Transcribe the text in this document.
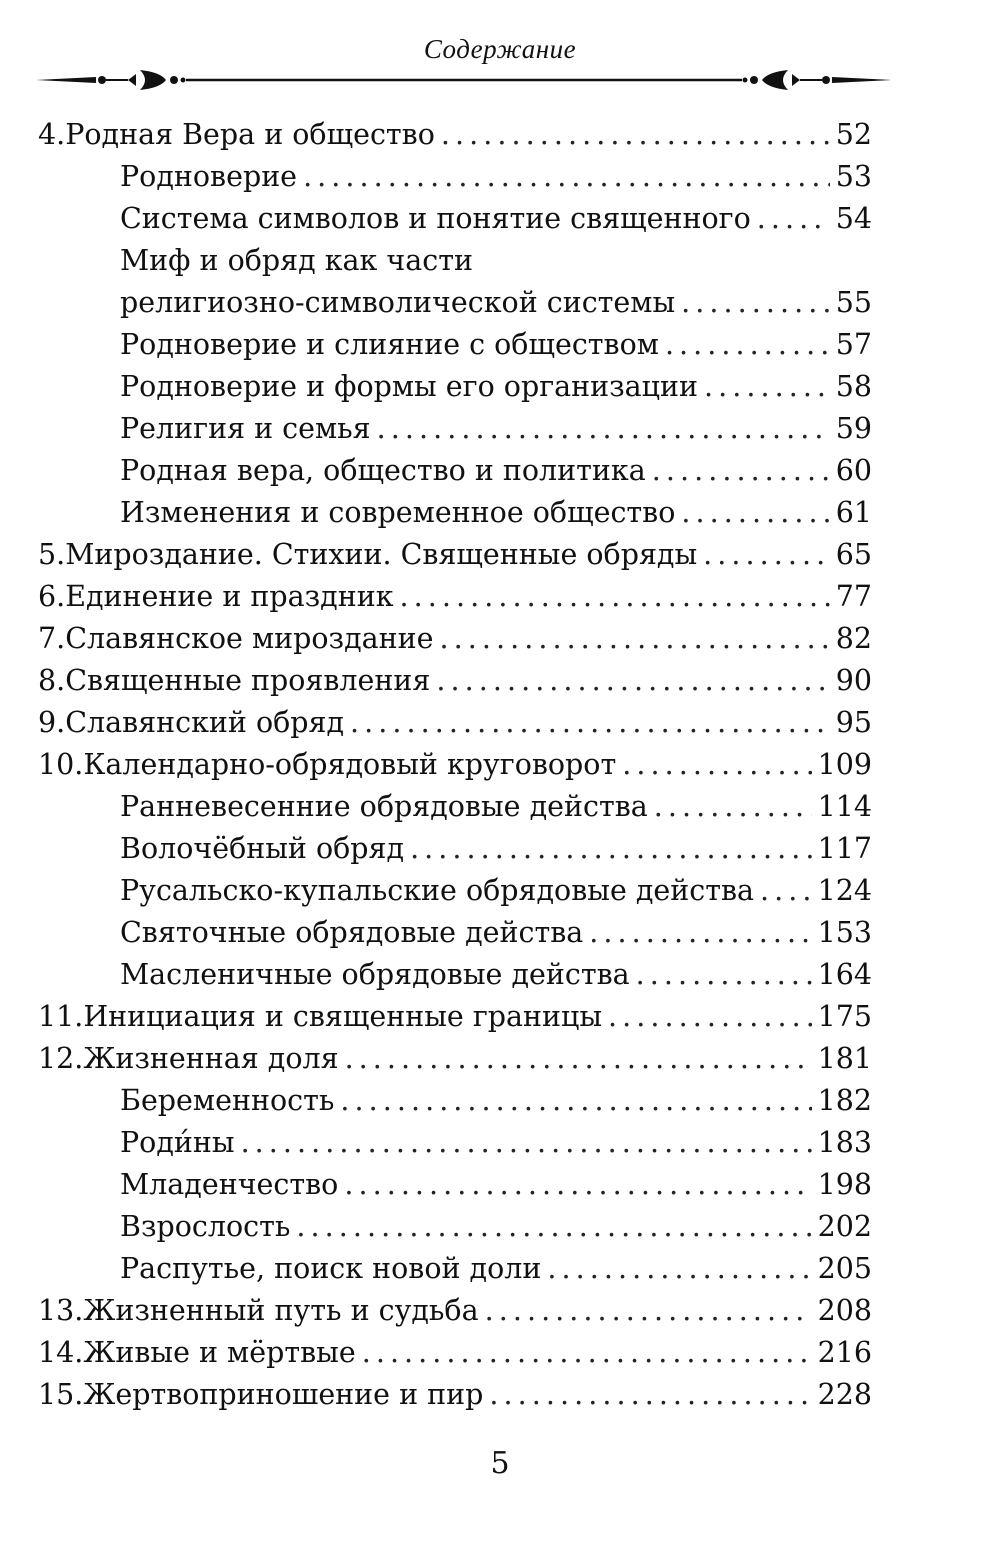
Содержание
4. Родная Вера и общество . . .	52
Родноверие . . .	53
Система символов и понятие священного . . .	54
Миф и обряд как части
религиозно-символической системы . . .	55
Родноверие и слияние с обществом . . .	57
Родноверие и формы его организации . . .	58
Религия и семья . . .	59
Родная вера, общество и политика . . .	60
Изменения и современное общество . . .	61
5. Мироздание. Стихии. Священные обряды . . .	65
6. Единение и праздник . . .	77
7. Славянское мироздание . . .	82
8. Священные проявления . . .	90
9. Славянский обряд . . .	95
10. Календарно-обрядовый круговорот . . .	109
Ранневесенние обрядовые действа . . .	114
Волочёбный обряд . . .	117
Русальско-купальские обрядовые действа . . . 124
Святочные обрядовые действа . . .	153
Масленичные обрядовые действа . . .	164
11. Инициация и священные границы . . .	175
12. Жизненная доля . . .	181
Беременность . . .	182
Роди́ны . . .	183
Младенчество . . .	198
Взрослость . . .	202
Распутье, поиск новой доли . . .	205
13. Жизненный путь и судьба . . .	208
14. Живые и мёртвые . . .	216
15. Жертвоприношение и пир . . .	228
5
